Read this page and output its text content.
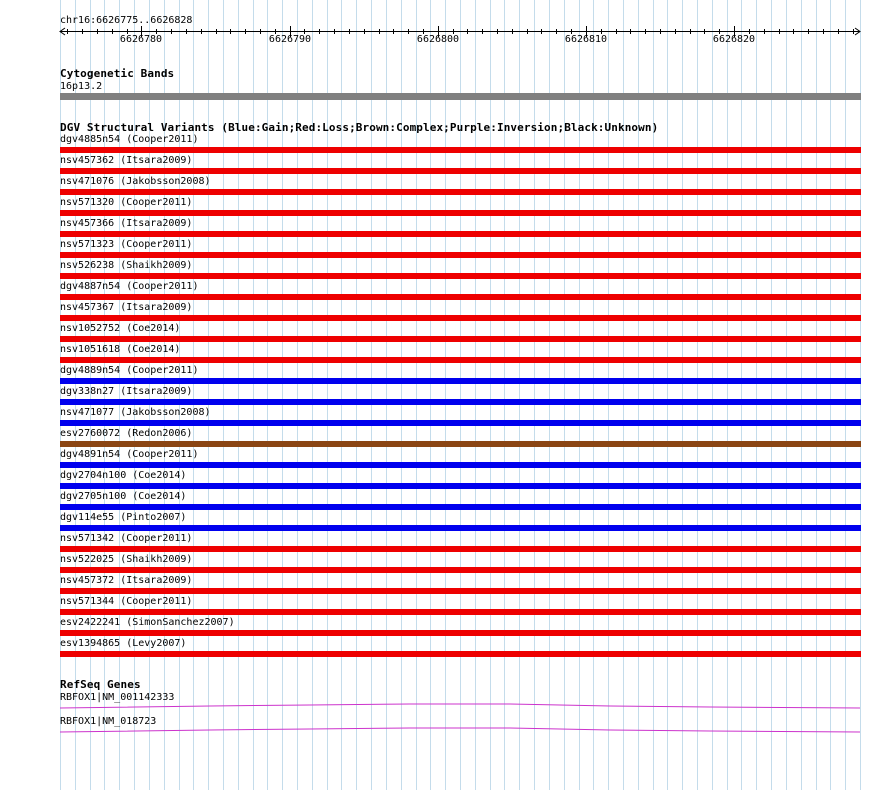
chr16:6626775..6626828
6626780	6626790	6626800	6626810	6626820
Cytogenetic Bands
16p13.2
DGV Structural Variants (Blue:Gain;Red:Loss;Brown:Complex;Purple:Inversion;Black:Unknown)
dgv4885n54 (Cooper2011)
nsv457362 (Itsara2009)
nsv471076 (Jakobsson2008)
nsv571320 (Cooper2011)
nsv457366 (Itsara2009)
nsv571323 (Cooper2011)
nsv526238 (Shaikh2009)
dgv4887n54 (Cooper2011)
nsv457367 (Itsara2009)
nsv1052752 (Coe2014)
nsv1051618 (Coe2014)
dgv4889n54 (Cooper2011)
dgv338n27 (Itsara2009)
nsv471077 (Jakobsson2008)
esv2760072 (Redon2006)
dgv4891n54 (Cooper2011)
dgv2704n100 (Coe2014)
dgv2705n100 (Coe2014)
dgv114e55 (Pinto2007)
nsv571342 (Cooper2011)
nsv522025 (Shaikh2009)
nsv457372 (Itsara2009)
nsv571344 (Cooper2011)
esv2422241 (SimonSanchez2007)
esv1394865 (Levy2007)
RefSeq Genes
RBFOX1|NM_001142333
RBFOX1|NM_018723
